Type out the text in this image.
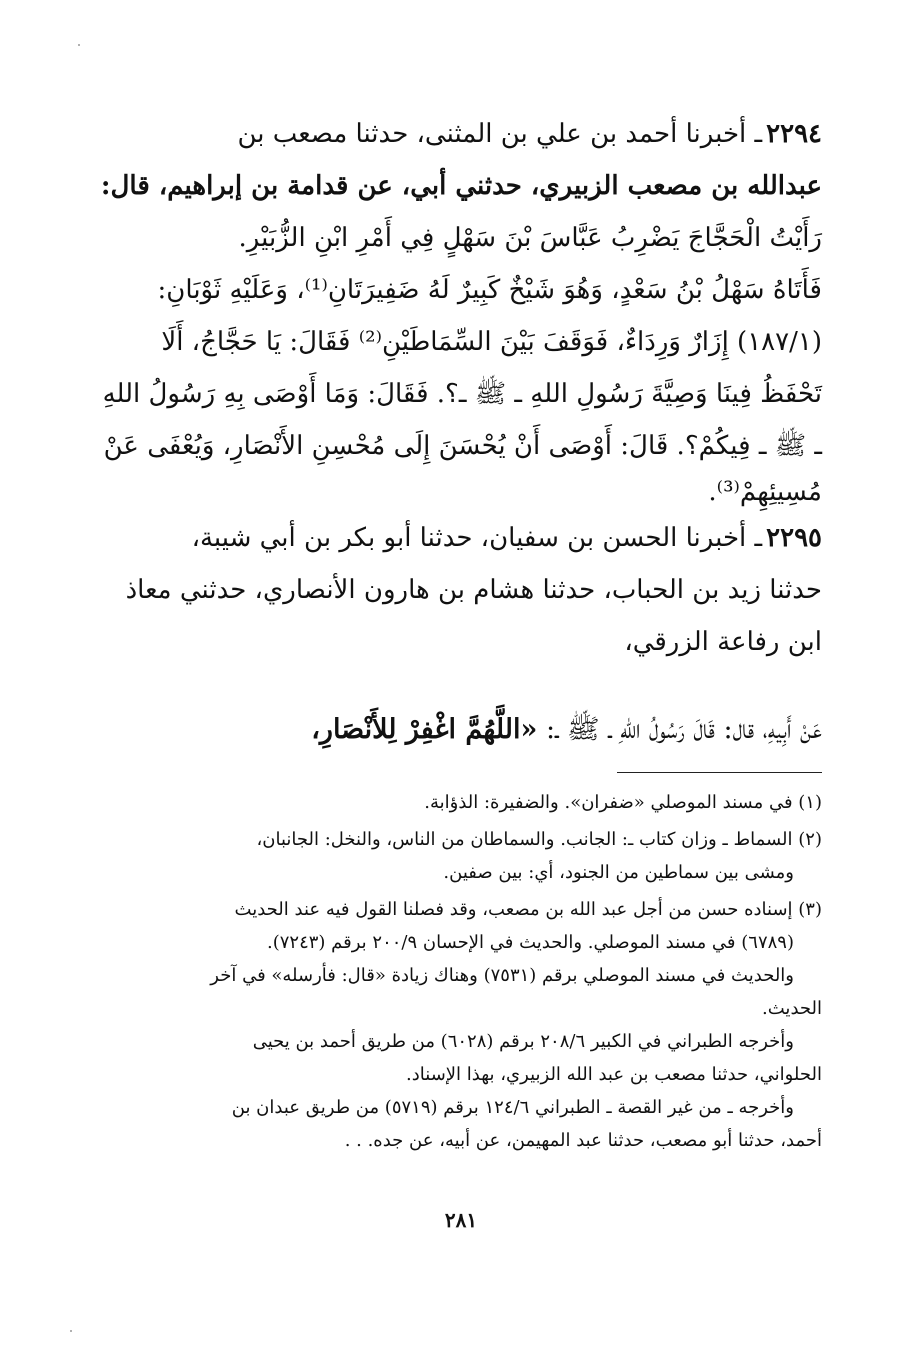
٢٢٩٤ـ أخبرنا أحمد بن علي بن المثنى، حدثنا مصعب بن

عبدالله بن مصعب الزبيري، حدثني أبي، عن قدامة بن إبراهيم، قال:

رَأَيْتُ الْحَجَّاجَ يَضْرِبُ عَبَّاسَ بْنَ سَهْلٍ فِي أَمْرِ ابْنِ الزُّبَيْرِ.

فَأَتَاهُ سَهْلُ بْنُ سَعْدٍ، وَهُوَ شَيْخٌ كَبِيرٌ لَهُ ضَفِيرَتَانِ⁽¹⁾، وَعَلَيْهِ ثَوْبَانِ:

(١٨٧/١) إِزَارٌ وَرِدَاءٌ، فَوَقَفَ بَيْنَ السِّمَاطَيْنِ⁽²⁾ فَقَالَ: يَا حَجَّاجُ، أَلَا

تَحْفَظُ فِينَا وَصِيَّةَ رَسُولِ اللهِ ـ ﷺ ـ؟. فَقَالَ: وَمَا أَوْصَى بِهِ رَسُولُ اللهِ

ـ ﷺ ـ فِيكُمْ؟. قَالَ: أَوْصَى أَنْ يُحْسَنَ إِلَى مُحْسِنِ الأَنْصَارِ، وَيُعْفَى عَنْ

مُسِيئِهِمْ⁽³⁾.

٢٢٩٥ـ أخبرنا الحسن بن سفيان، حدثنا أبو بكر بن أبي شيبة،

حدثنا زيد بن الحباب، حدثنا هشام بن هارون الأنصاري، حدثني معاذ

ابن رفاعة الزرقي،

عَنْ أَبِيهِ، قال: قَالَ رَسُولُ اللهِ ـ ﷺ ـ: «اللَّهُمَّ اغْفِرْ لِلأَنْصَارِ،

(١) في مسند الموصلي «ضفران». والضفيرة: الذؤابة.

(٢) السماط ـ وزان كتاب ـ: الجانب. والسماطان من الناس، والنخل: الجانبان،

ومشى بين سماطين من الجنود، أي: بين صفين.

(٣) إسناده حسن من أجل عبد الله بن مصعب، وقد فصلنا القول فيه عند الحديث

(٦٧٨٩) في مسند الموصلي. والحديث في الإحسان ٢٠٠/٩ برقم (٧٢٤٣).

والحديث في مسند الموصلي برقم (٧٥٣١) وهناك زيادة «قال: فأرسله» في آخر

الحديث.

وأخرجه الطبراني في الكبير ٢٠٨/٦ برقم (٦٠٢٨) من طريق أحمد بن يحيى

الحلواني، حدثنا مصعب بن عبد الله الزبيري، بهذا الإسناد.

وأخرجه ـ من غير القصة ـ الطبراني ١٢٤/٦ برقم (٥٧١٩) من طريق عبدان بن

أحمد، حدثنا أبو مصعب، حدثنا عبد المهيمن، عن أبيه، عن جده. . .

٢٨١
